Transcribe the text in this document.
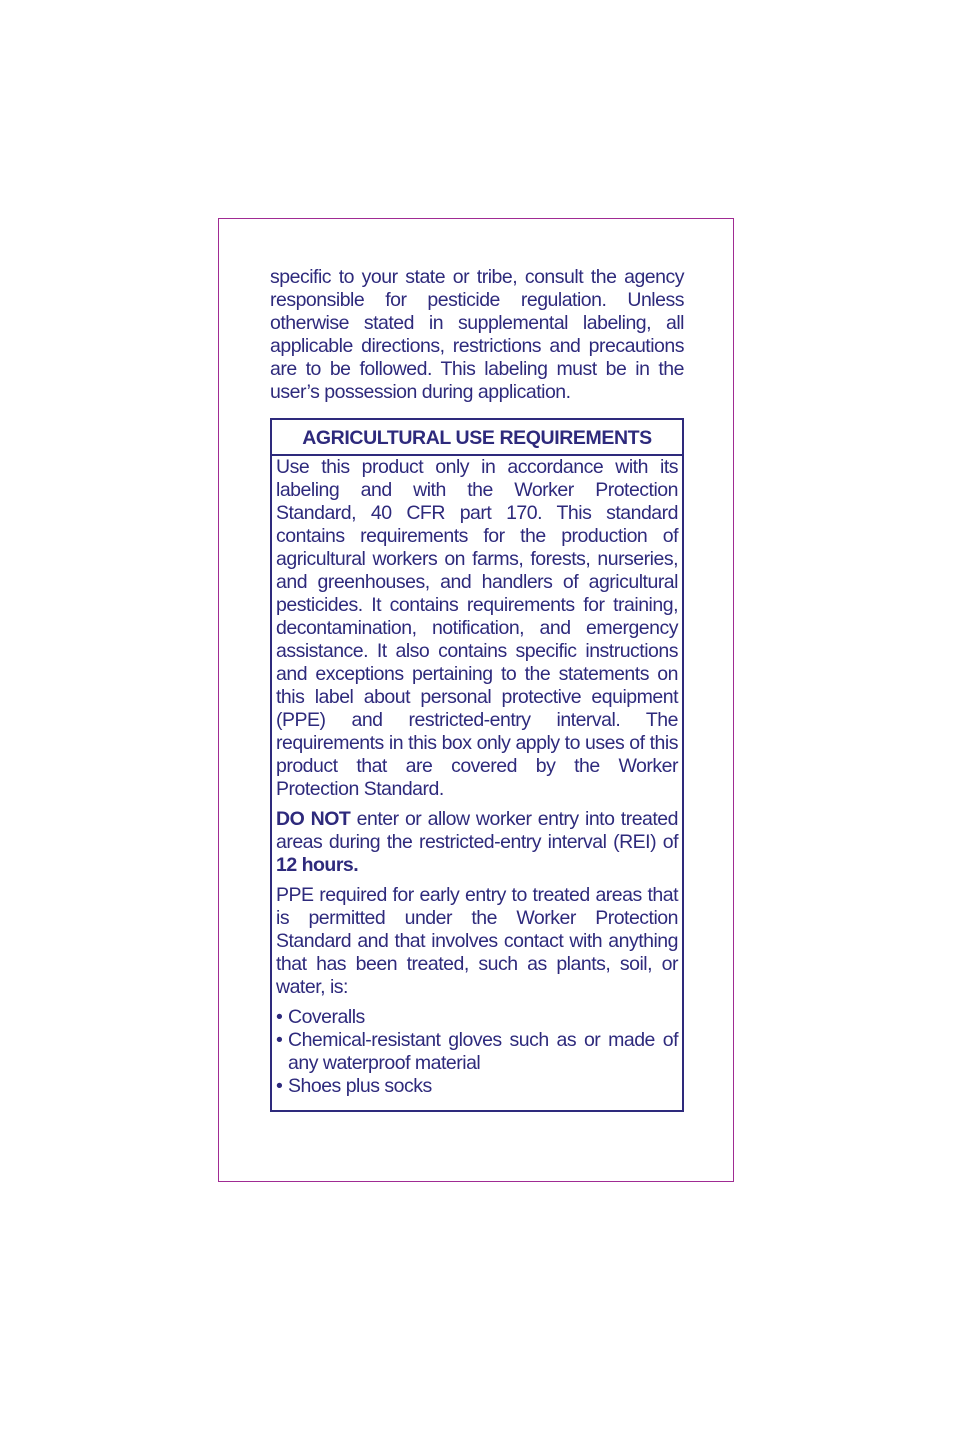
specific to your state or tribe, consult the agency responsible for pesticide regulation. Unless otherwise stated in supplemental labeling, all applicable directions, restrictions and precautions are to be followed. This labeling must be in the user’s possession during application.

AGRICULTURAL USE REQUIREMENTS

Use this product only in accordance with its labeling and with the Worker Protection Standard, 40 CFR part 170. This standard contains requirements for the production of agricultural workers on farms, forests, nurseries, and greenhouses, and handlers of agricultural pesticides. It contains requirements for training, decontamination, notification, and emergency assistance. It also contains specific instructions and exceptions pertaining to the statements on this label about personal protective equipment (PPE) and restricted-entry interval. The requirements in this box only apply to uses of this product that are covered by the Worker Protection Standard.

DO NOT enter or allow worker entry into treated areas during the restricted-entry interval (REI) of 12 hours.

PPE required for early entry to treated areas that is permitted under the Worker Protection Standard and that involves contact with anything that has been treated, such as plants, soil, or water, is:

• Coveralls
• Chemical-resistant gloves such as or made of any waterproof material
• Shoes plus socks
